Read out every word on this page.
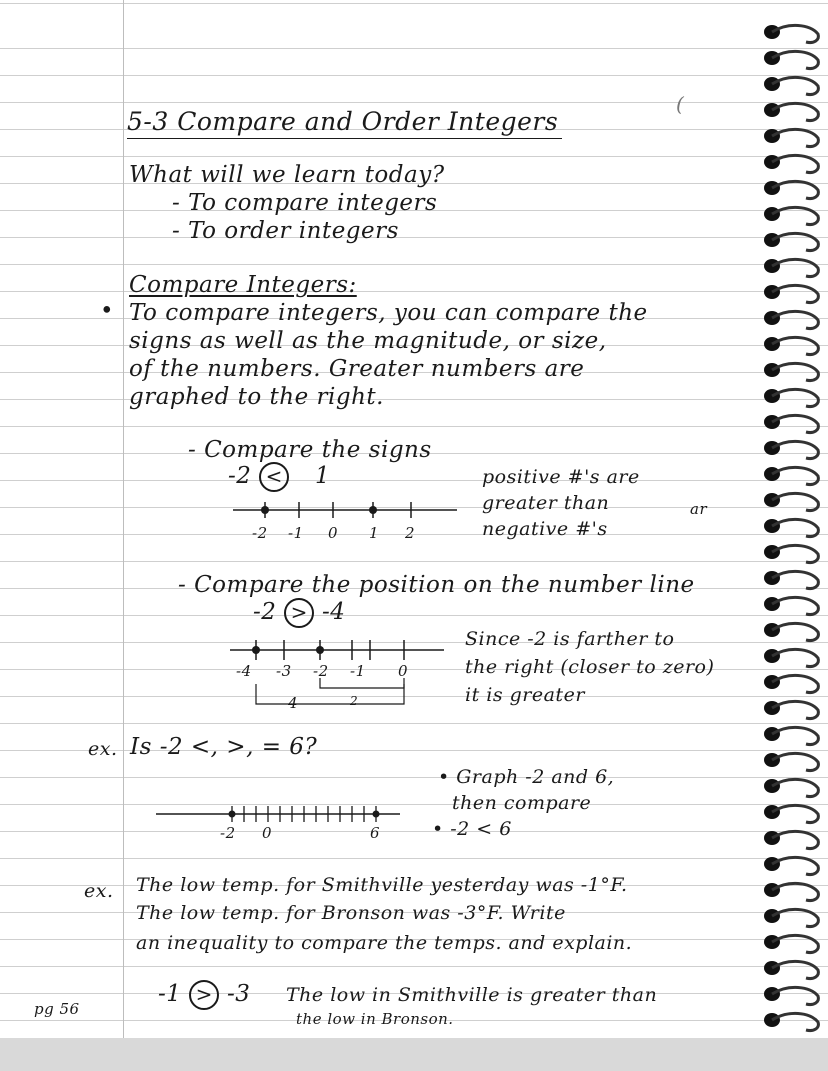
5-3 Compare and Order Integers
(
What will we learn today?
- To compare integers
- To order integers
Compare Integers:
• To compare integers, you can compare the
signs as well as the magnitude, or size,
of the numbers. Greater numbers are
graphed to the right.
- Compare the signs
-2 < 1
-2 -1 0 1 2
positive #'s are
greater than
negative #'s
ar
- Compare the position on the number line
-2 > -4
-4 -3 -2 -1 0
4	2
Since -2 is farther to
the right (closer to zero)
it is greater
ex. Is -2 <, >, = 6?
• Graph -2 and 6,
then compare
• -2 < 6
-2 0	6
ex. The low temp. for Smithville yesterday was -1°F.
The low temp. for Bronson was -3°F. Write
an inequality to compare the temps. and explain.
-1 > -3 The low in Smithville is greater than
the low in Bronson.
pg 56
